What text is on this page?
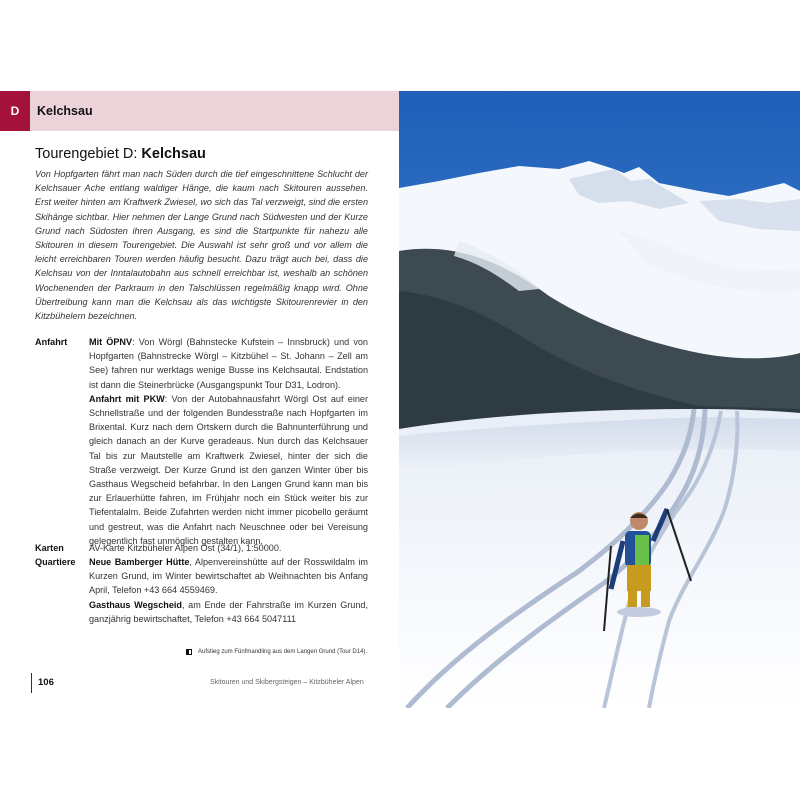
D	Kelchsau
Tourengebiet D: Kelchsau

Von Hopfgarten fährt man nach Süden durch die tief eingeschnittene Schlucht der Kelchsauer Ache entlang waldiger Hänge, die kaum nach Skitouren aussehen. Erst weiter hinten am Kraftwerk Zwiesel, wo sich das Tal verzweigt, sind die ersten Skihänge sichtbar. Hier nehmen der Lange Grund nach Südwesten und der Kurze Grund nach Südosten ihren Ausgang, es sind die Startpunkte für nahezu alle Skitouren in diesem Tourengebiet. Die Auswahl ist sehr groß und vor allem die leicht erreichbaren Touren werden häufig besucht. Dazu trägt auch bei, dass die Kelchsau von der Inntalautobahn aus schnell erreichbar ist, weshalb an schönen Wochenenden der Parkraum in den Talschlüssen regelmäßig knapp wird. Ohne Übertreibung kann man die Kelchsau als das wichtigste Skitourenrevier in den Kitzbühelern bezeichnen.

Anfahrt Mit ÖPNV: Von Wörgl (Bahnstecke Kufstein – Innsbruck) und von Hopfgarten (Bahnstrecke Wörgl – Kitzbühel – St. Johann – Zell am See) fahren nur werktags wenige Busse ins Kelchsautal. Endstation ist dann die Steinerbrücke (Ausgangspunkt Tour D31, Lodron).
Anfahrt mit PKW: Von der Autobahnausfahrt Wörgl Ost auf einer Schnellstraße und der folgenden Bundesstraße nach Hopfgarten im Brixental. Kurz nach dem Ortskern durch die Bahnunterführung und gleich danach an der Kurve geradeaus. Nun durch das Kelchsauer Tal bis zur Mautstelle am Kraftwerk Zwiesel, hinter der sich die Straße verzweigt. Der Kurze Grund ist den ganzen Winter über bis Gasthaus Wegscheid befahrbar. In den Langen Grund kann man bis zur Erlauerhütte fahren, im Frühjahr noch ein Stück weiter bis zur Tiefentalalm. Beide Zufahrten werden nicht immer picobello geräumt und gestreut, was die Anfahrt nach Neuschnee oder bei Vereisung gelegentlich fast unmöglich gestalten kann.

Karten	AV-Karte Kitzbüheler Alpen Ost (34/1), 1:50000.

Quartiere Neue Bamberger Hütte, Alpenvereinshütte auf der Rosswildalm im Kurzen Grund, im Winter bewirtschaftet ab Weihnachten bis Anfang April, Telefon +43 664 4559469.
Gasthaus Wegscheid, am Ende der Fahrstraße im Kurzen Grund, ganzjährig bewirtschaftet, Telefon +43 664 5047111

Aufstieg zum Fünfmandling aus dem Langen Grund (Tour D14).
106	Skitouren und Skibergsteigen – Kitzbüheler Alpen
